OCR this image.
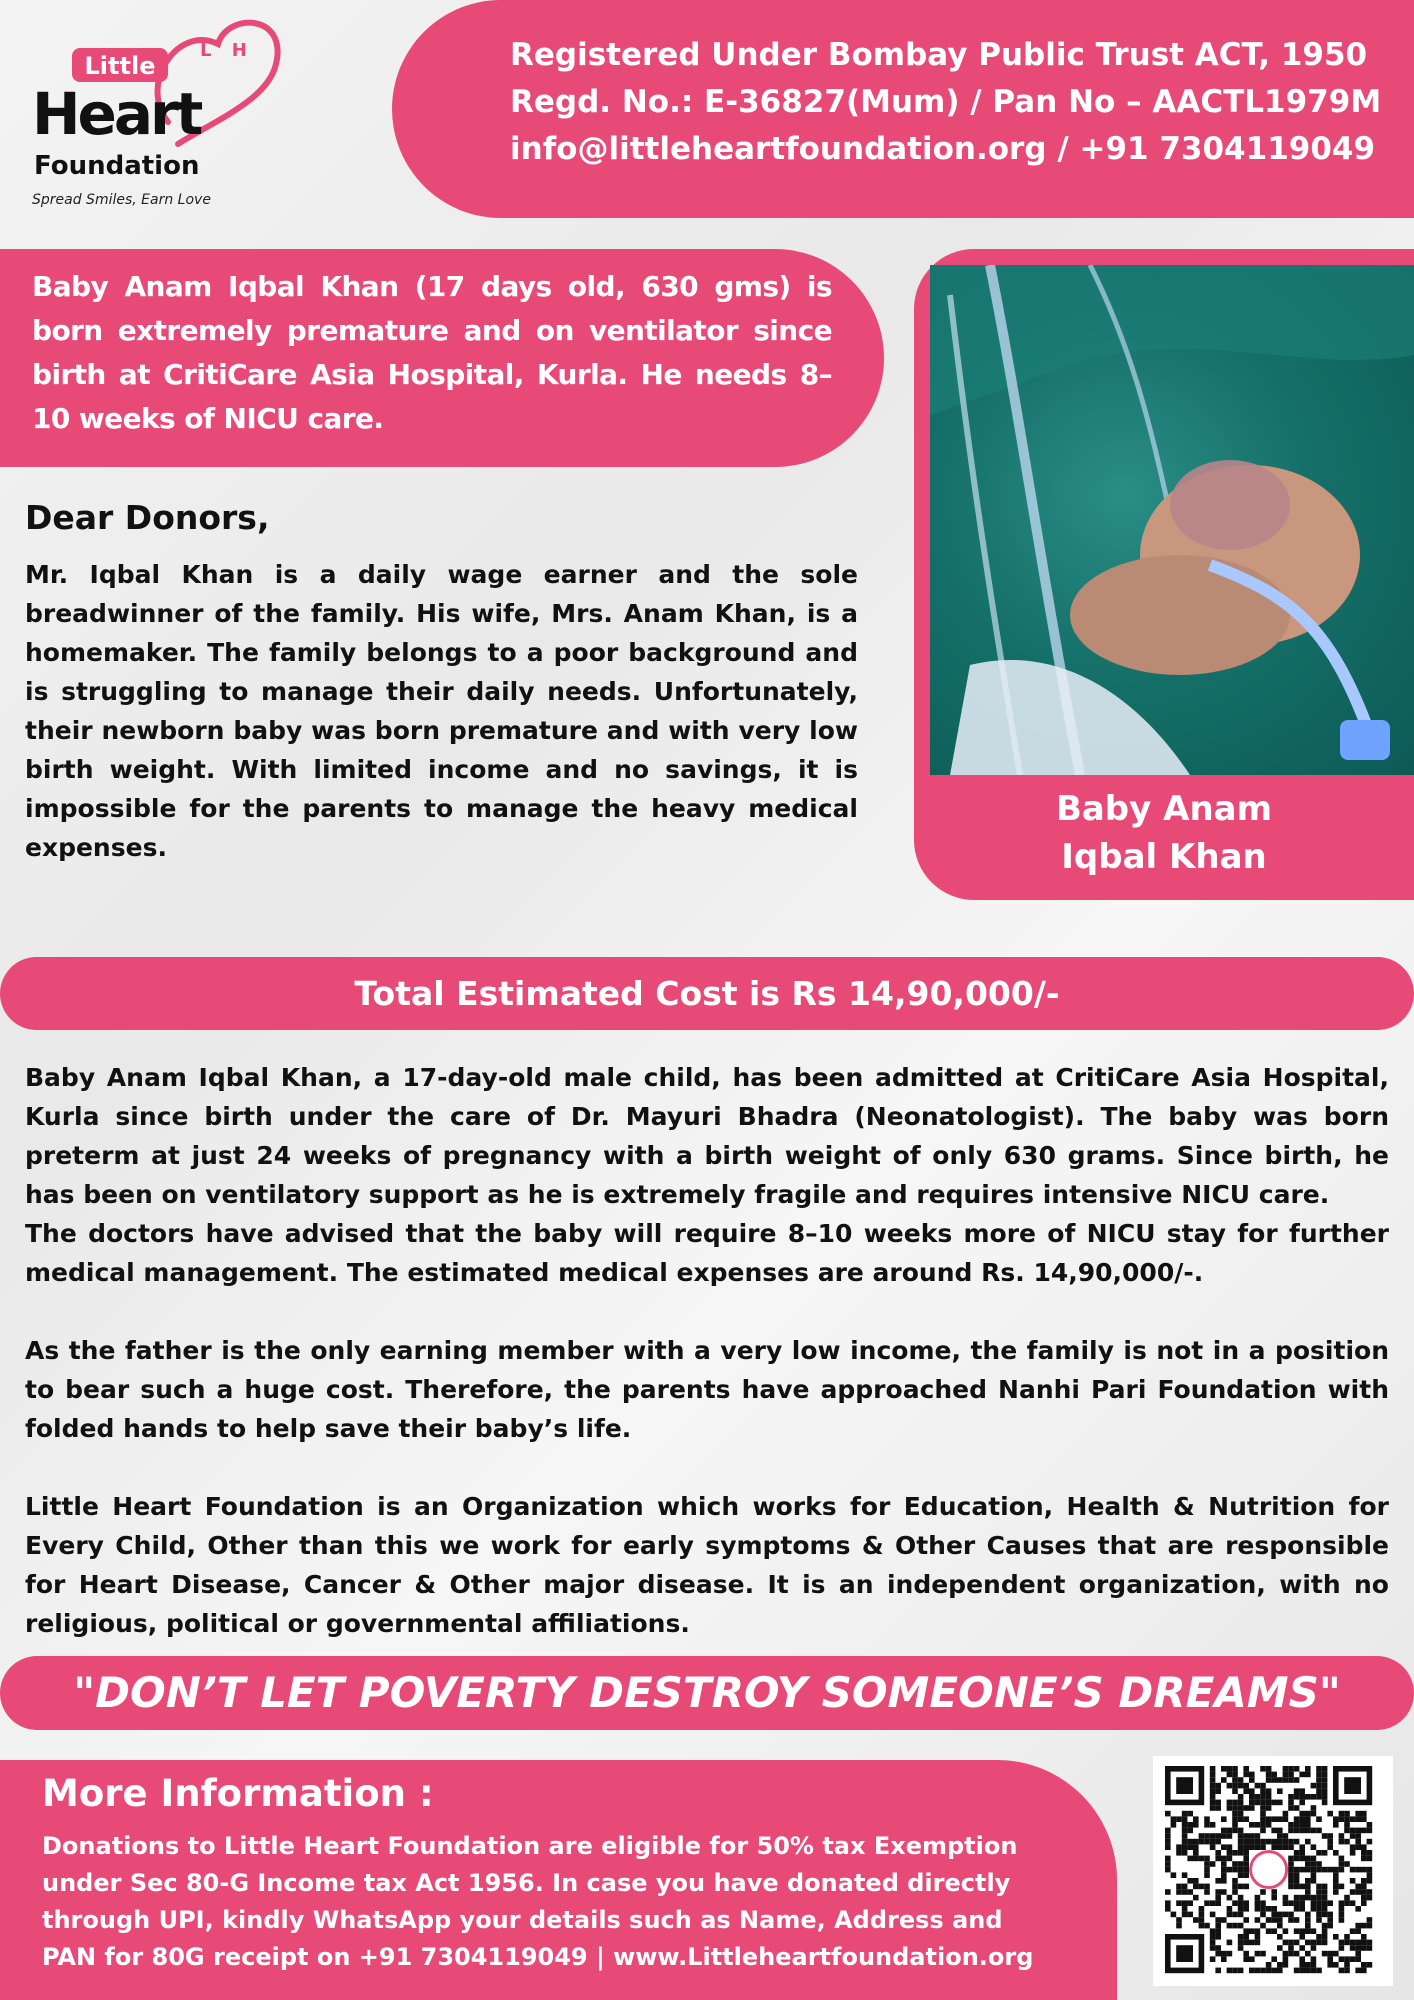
Little
L H
Heart
Foundation
Spread Smiles, Earn Love
Registered Under Bombay Public Trust ACT, 1950
Regd. No.: E-36827(Mum) / Pan No – AACTL1979M
info@littleheartfoundation.org / +91 7304119049

Baby Anam Iqbal Khan (17 days old, 630 gms) is born extremely premature and on ventilator since birth at CritiCare Asia Hospital, Kurla. He needs 8–10 weeks of NICU care.

Baby Anam
Iqbal Khan
Dear Donors,

Mr. Iqbal Khan is a daily wage earner and the sole breadwinner of the family. His wife, Mrs. Anam Khan, is a homemaker. The family belongs to a poor background and is struggling to manage their daily needs. Unfortunately, their newborn baby was born premature and with very low birth weight. With limited income and no savings, it is impossible for the parents to manage the heavy medical expenses.

Total Estimated Cost is Rs 14,90,000/-

Baby Anam Iqbal Khan, a 17-day-old male child, has been admitted at CritiCare Asia Hospital, Kurla since birth under the care of Dr. Mayuri Bhadra (Neonatologist). The baby was born preterm at just 24 weeks of pregnancy with a birth weight of only 630 grams. Since birth, he has been on ventilatory support as he is extremely fragile and requires intensive NICU care.

The doctors have advised that the baby will require 8–10 weeks more of NICU stay for further medical management. The estimated medical expenses are around Rs. 14,90,000/-.

As the father is the only earning member with a very low income, the family is not in a position to bear such a huge cost. Therefore, the parents have approached Nanhi Pari Foundation with folded hands to help save their baby’s life.

Little Heart Foundation is an Organization which works for Education, Health & Nutrition for Every Child, Other than this we work for early symptoms & Other Causes that are responsible for Heart Disease, Cancer & Other major disease. It is an independent organization, with no religious, political or governmental affiliations.

"DON’T LET POVERTY DESTROY SOMEONE’S DREAMS"
More Information :

Donations to Little Heart Foundation are eligible for 50% tax Exemption under Sec 80-G Income tax Act 1956. In case you have donated directly through UPI, kindly WhatsApp your details such as Name, Address and PAN for 80G receipt on +91 7304119049 | www.Littleheartfoundation.org
